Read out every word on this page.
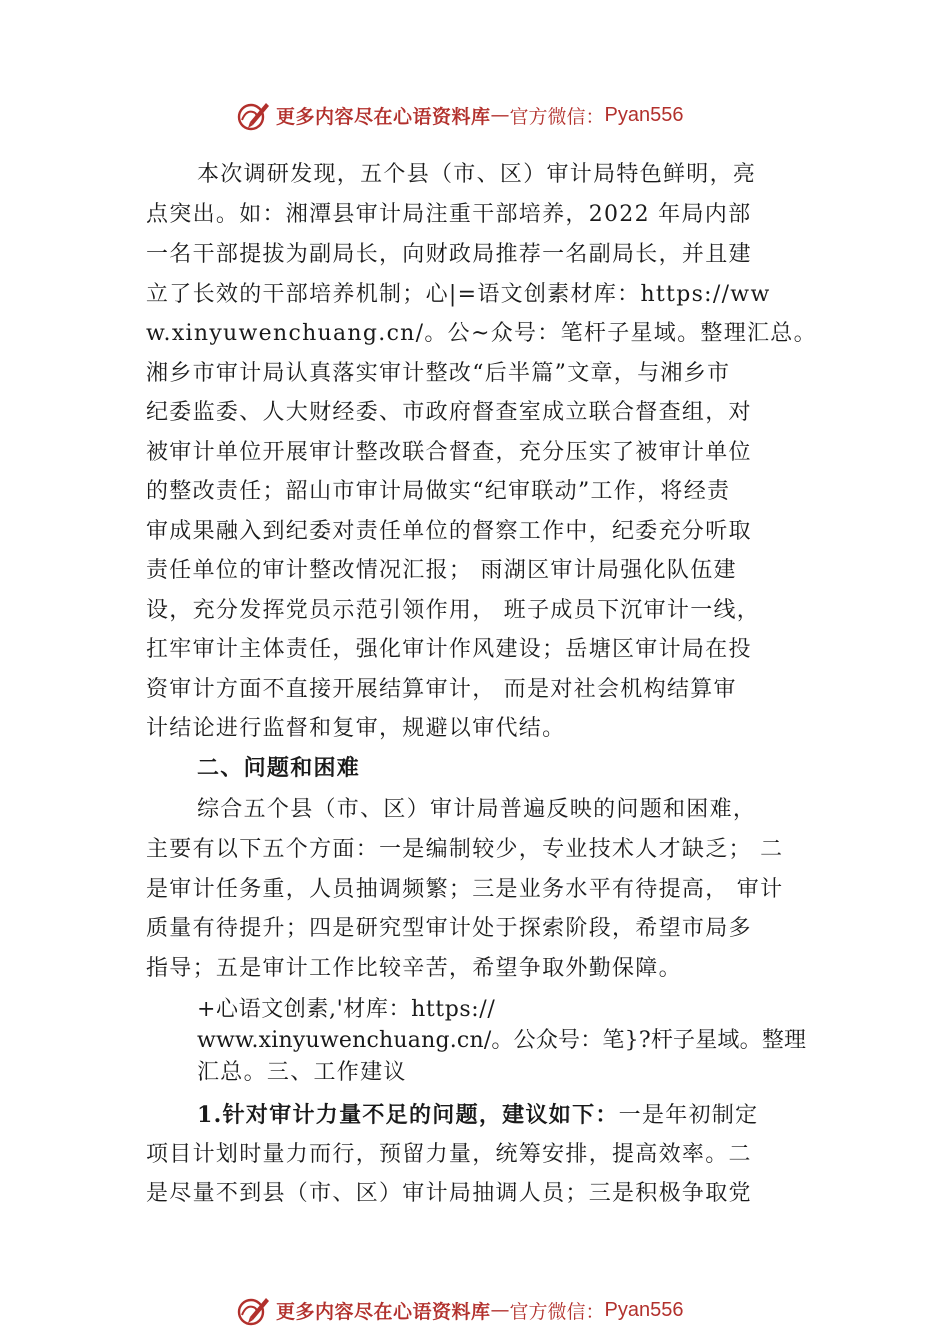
更多内容尽在心语资料库 — 官方微信： Pyan556
本次调研发现，五个县（市、区）审计局特色鲜明，亮
点突出。如：湘潭县审计局注重干部培养，2022 年局内部
一名干部提拔为副局长，向财政局推荐一名副局长，并且建
立了长效的干部培养机制；心|=语文创素材库：https://ww
w.xinyuwenchuang.cn/。公~众号：笔杆子星域。整理汇总。
湘乡市审计局认真落实审计整改“后半篇”文章，与湘乡市
纪委监委、人大财经委、市政府督查室成立联合督查组，对
被审计单位开展审计整改联合督查，充分压实了被审计单位
的整改责任；韶山市审计局做实“纪审联动”工作，将经责
审成果融入到纪委对责任单位的督察工作中，纪委充分听取
责任单位的审计整改情况汇报； 雨湖区审计局强化队伍建
设，充分发挥党员示范引领作用， 班子成员下沉审计一线，
扛牢审计主体责任，强化审计作风建设；岳塘区审计局在投
资审计方面不直接开展结算审计， 而是对社会机构结算审
计结论进行监督和复审，规避以审代结。
二、问题和困难
综合五个县（市、区）审计局普遍反映的问题和困难，
主要有以下五个方面：一是编制较少，专业技术人才缺乏； 二
是审计任务重，人员抽调频繁；三是业务水平有待提高， 审计
质量有待提升；四是研究型审计处于探索阶段，希望市局多
指导；五是审计工作比较辛苦，希望争取外勤保障。
+心语文创素,'材库：https://
www.xinyuwenchuang.cn/。公众号：笔}?杆子星域。整理
汇总。三、工作建议
1.针对审计力量不足的问题，建议如下：一是年初制定
项目计划时量力而行，预留力量，统筹安排，提高效率。二
是尽量不到县（市、区）审计局抽调人员；三是积极争取党
更多内容尽在心语资料库 — 官方微信： Pyan556
